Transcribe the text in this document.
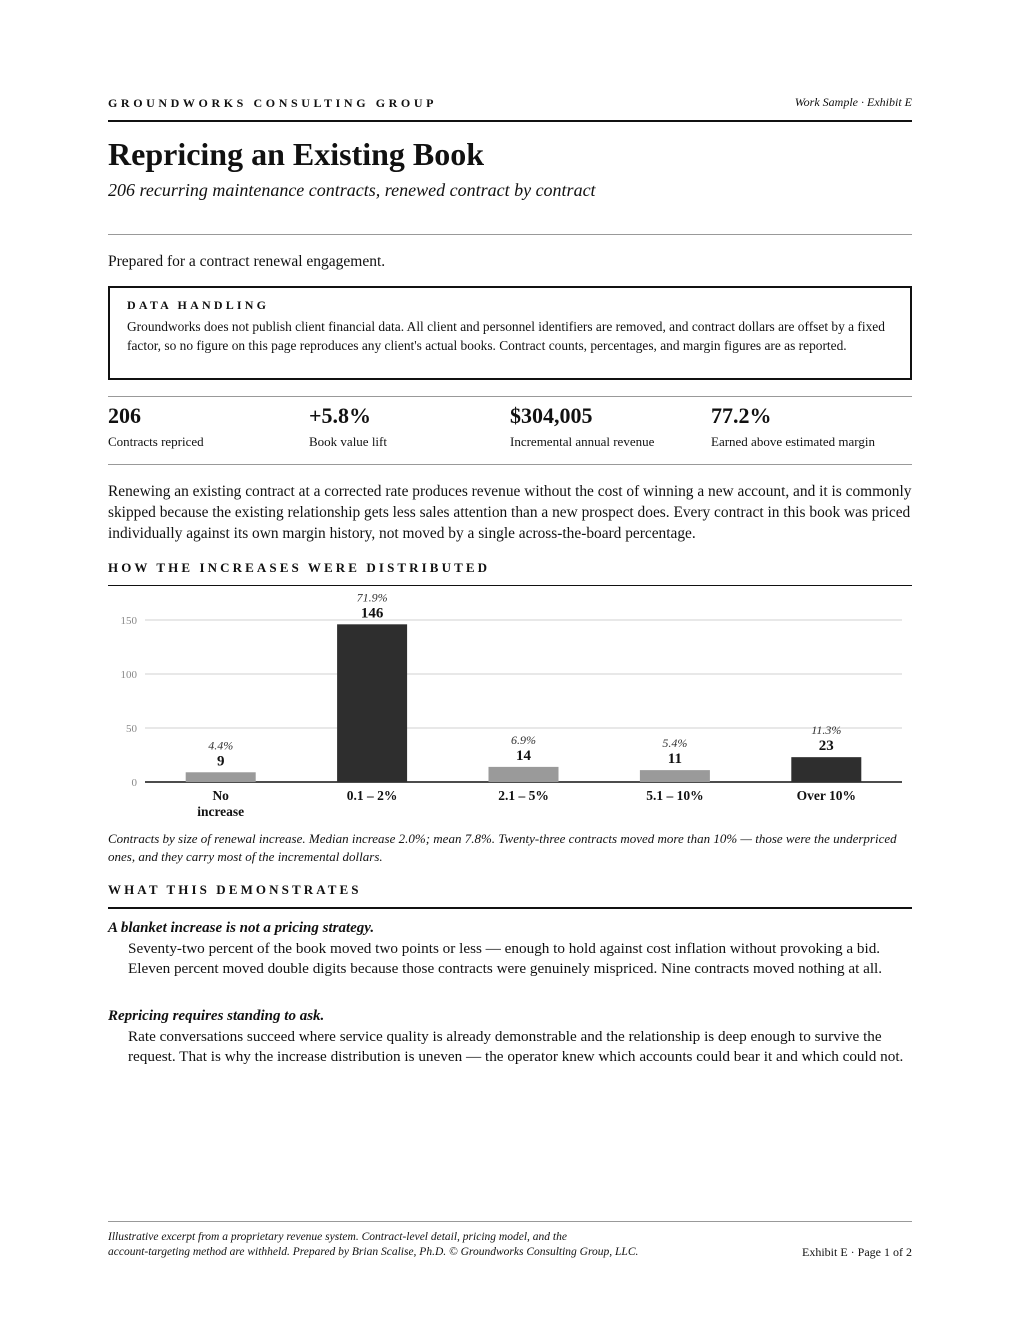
GROUNDWORKS CONSULTING GROUP	Work Sample · Exhibit E
Repricing an Existing Book
206 recurring maintenance contracts, renewed contract by contract
Prepared for a contract renewal engagement.
DATA HANDLING
Groundworks does not publish client financial data. All client and personnel identifiers are removed, and contract dollars are offset by a fixed factor, so no figure on this page reproduces any client's actual books. Contract counts, percentages, and margin figures are as reported.
206
Contracts repriced
+5.8%
Book value lift
$304,005
Incremental annual revenue
77.2%
Earned above estimated margin

Renewing an existing contract at a corrected rate produces revenue without the cost of winning a new account, and it is commonly skipped because the existing relationship gets less sales attention than a new prospect does. Every contract in this book was priced individually against its own margin history, not moved by a single across-the-board percentage.

HOW THE INCREASES WERE DISTRIBUTED
0
50
100
150
9
4.4%
No
increase
146
71.9%
0.1 – 2%
14
6.9%
2.1 – 5%
11
5.4%
5.1 – 10%
23
11.3%
Over 10%

Contracts by size of renewal increase. Median increase 2.0%; mean 7.8%. Twenty-three contracts moved more than 10% — those were the underpriced ones, and they carry most of the incremental dollars.

WHAT THIS DEMONSTRATES
A blanket increase is not a pricing strategy.
Seventy-two percent of the book moved two points or less — enough to hold against cost inflation without provoking a bid. Eleven percent moved double digits because those contracts were genuinely mispriced. Nine contracts moved nothing at all.
Repricing requires standing to ask.
Rate conversations succeed where service quality is already demonstrable and the relationship is deep enough to survive the request. That is why the increase distribution is uneven — the operator knew which accounts could bear it and which could not.
Illustrative excerpt from a proprietary revenue system. Contract-level detail, pricing model, and the
account-targeting method are withheld. Prepared by Brian Scalise, Ph.D. © Groundworks Consulting Group, LLC.	Exhibit E · Page 1 of 2
